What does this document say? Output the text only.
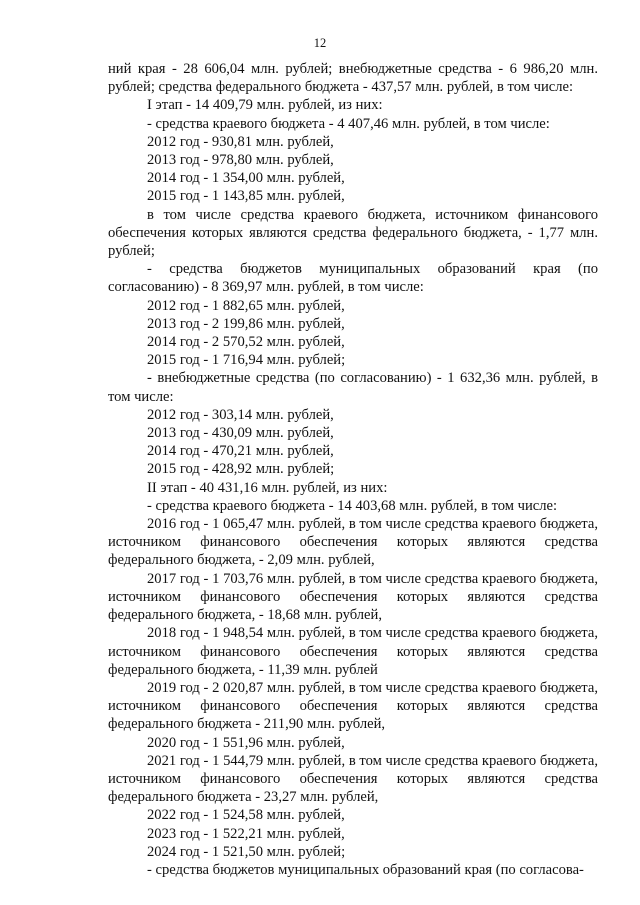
12

ний края - 28 606,04 млн. рублей; внебюджетные средства - 6 986,20 млн. рублей; средства федерального бюджета - 437,57 млн. рублей, в том числе:

I этап - 14 409,79 млн. рублей, из них:

- средства краевого бюджета - 4 407,46 млн. рублей, в том числе:

2012 год - 930,81 млн. рублей,

2013 год - 978,80 млн. рублей,

2014 год - 1 354,00 млн. рублей,

2015 год - 1 143,85 млн. рублей,

в том числе средства краевого бюджета, источником финансового обеспечения которых являются средства федерального бюджета, - 1,77 млн. рублей;

- средства бюджетов муниципальных образований края (по согласованию) - 8 369,97 млн. рублей, в том числе:

2012 год - 1 882,65 млн. рублей,

2013 год - 2 199,86 млн. рублей,

2014 год - 2 570,52 млн. рублей,

2015 год - 1 716,94 млн. рублей;

- внебюджетные средства (по согласованию) - 1 632,36 млн. рублей, в том числе:

2012 год - 303,14 млн. рублей,

2013 год - 430,09 млн. рублей,

2014 год - 470,21 млн. рублей,

2015 год - 428,92 млн. рублей;

II этап - 40 431,16 млн. рублей, из них:

- средства краевого бюджета - 14 403,68 млн. рублей, в том числе:

2016 год - 1 065,47 млн. рублей, в том числе средства краевого бюджета, источником финансового обеспечения которых являются средства федерального бюджета, - 2,09 млн. рублей,

2017 год - 1 703,76 млн. рублей, в том числе средства краевого бюджета, источником финансового обеспечения которых являются средства федерального бюджета, - 18,68 млн. рублей,

2018 год - 1 948,54 млн. рублей, в том числе средства краевого бюджета, источником финансового обеспечения которых являются средства федерального бюджета, - 11,39 млн. рублей

2019 год - 2 020,87 млн. рублей, в том числе средства краевого бюджета, источником финансового обеспечения которых являются средства федерального бюджета - 211,90 млн. рублей,

2020 год - 1 551,96 млн. рублей,

2021 год - 1 544,79 млн. рублей, в том числе средства краевого бюджета, источником финансового обеспечения которых являются средства федерального бюджета - 23,27 млн. рублей,

2022 год - 1 524,58 млн. рублей,

2023 год - 1 522,21 млн. рублей,

2024 год - 1 521,50 млн. рублей;

- средства бюджетов муниципальных образований края (по согласова-
